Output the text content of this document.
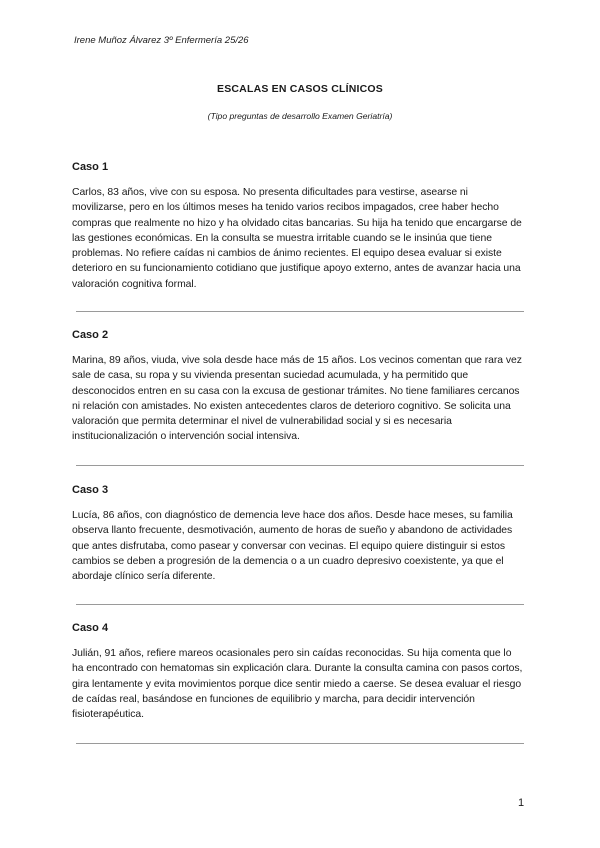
Irene Muñoz Álvarez 3º Enfermería 25/26
ESCALAS EN CASOS CLÍNICOS
(Tipo preguntas de desarrollo Examen Geriatría)
Caso 1

Carlos, 83 años, vive con su esposa. No presenta dificultades para vestirse, asearse ni movilizarse, pero en los últimos meses ha tenido varios recibos impagados, cree haber hecho compras que realmente no hizo y ha olvidado citas bancarias. Su hija ha tenido que encargarse de las gestiones económicas. En la consulta se muestra irritable cuando se le insinúa que tiene problemas. No refiere caídas ni cambios de ánimo recientes. El equipo desea evaluar si existe deterioro en su funcionamiento cotidiano que justifique apoyo externo, antes de avanzar hacia una valoración cognitiva formal.

Caso 2

Marina, 89 años, viuda, vive sola desde hace más de 15 años. Los vecinos comentan que rara vez sale de casa, su ropa y su vivienda presentan suciedad acumulada, y ha permitido que desconocidos entren en su casa con la excusa de gestionar trámites. No tiene familiares cercanos ni relación con amistades. No existen antecedentes claros de deterioro cognitivo. Se solicita una valoración que permita determinar el nivel de vulnerabilidad social y si es necesaria institucionalización o intervención social intensiva.

Caso 3

Lucía, 86 años, con diagnóstico de demencia leve hace dos años. Desde hace meses, su familia observa llanto frecuente, desmotivación, aumento de horas de sueño y abandono de actividades que antes disfrutaba, como pasear y conversar con vecinas. El equipo quiere distinguir si estos cambios se deben a progresión de la demencia o a un cuadro depresivo coexistente, ya que el abordaje clínico sería diferente.

Caso 4

Julián, 91 años, refiere mareos ocasionales pero sin caídas reconocidas. Su hija comenta que lo ha encontrado con hematomas sin explicación clara. Durante la consulta camina con pasos cortos, gira lentamente y evita movimientos porque dice sentir miedo a caerse. Se desea evaluar el riesgo de caídas real, basándose en funciones de equilibrio y marcha, para decidir intervención fisioterapéutica.

1
